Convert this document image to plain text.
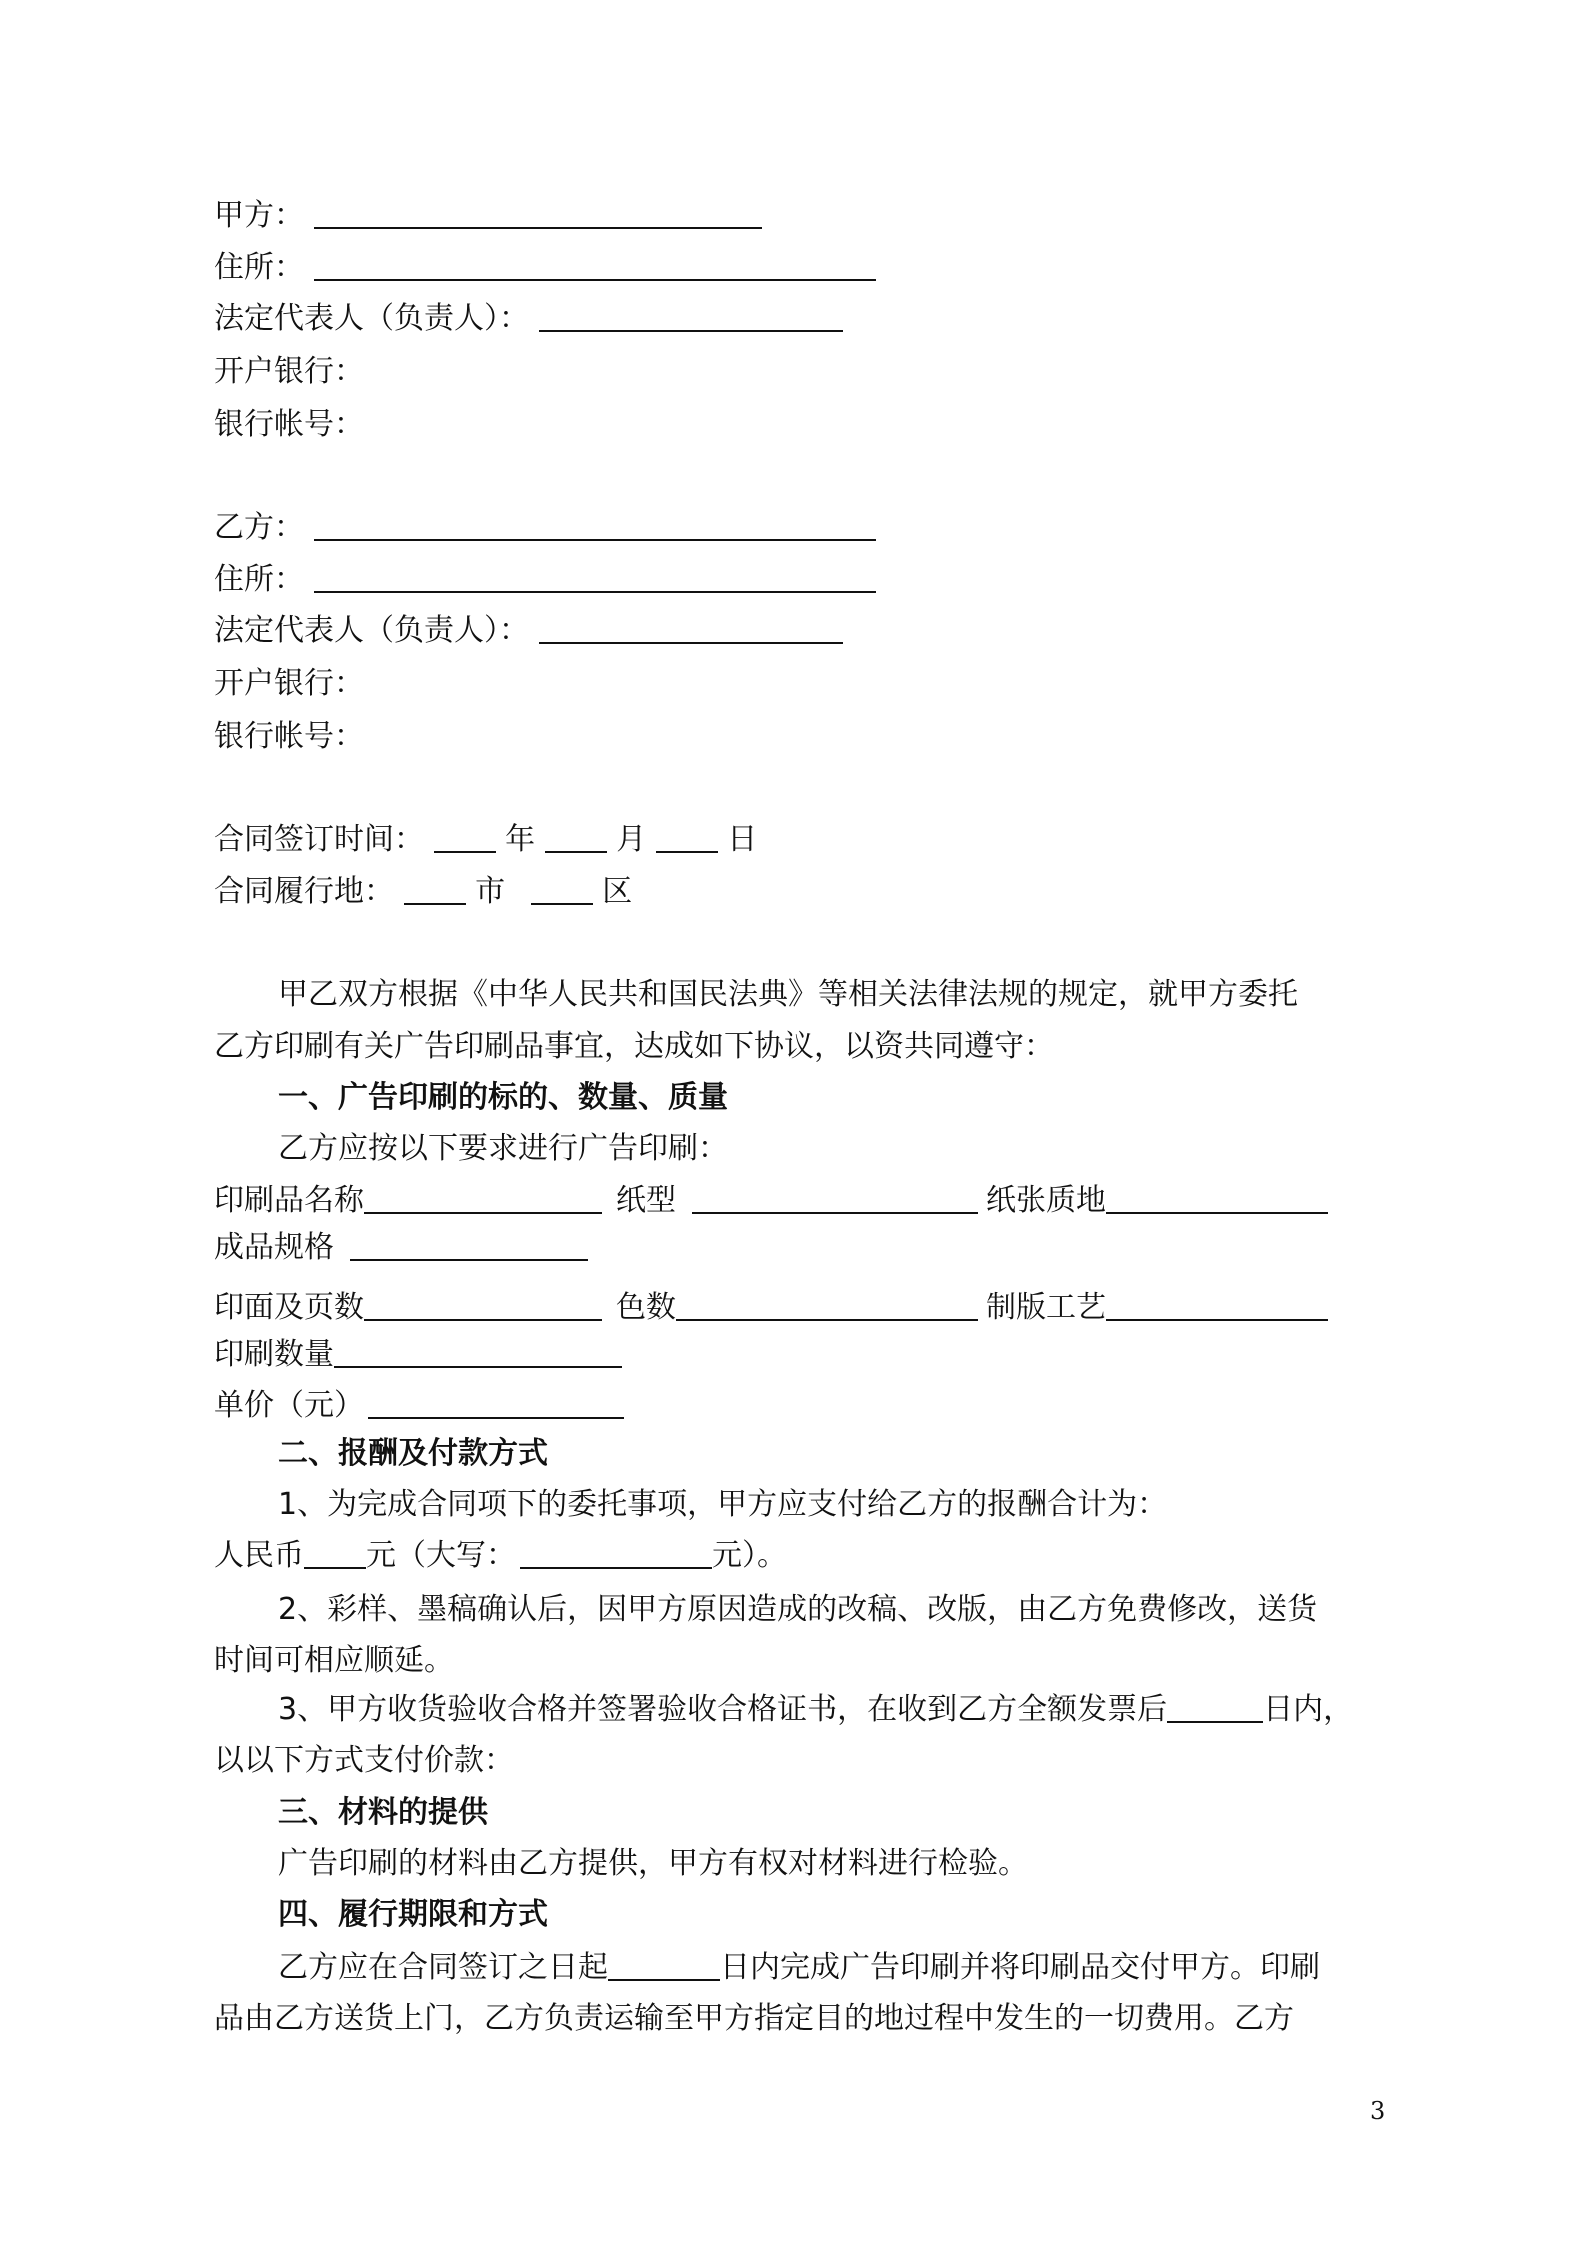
甲方：
住所：
法定代表人（负责人）：
开户银行：
银行帐号：
乙方：
住所：
法定代表人（负责人）：
开户银行：
银行帐号：
合同签订时间：	年	月	日
合同履行地：	市	区
甲乙双方根据《中华人民共和国民法典》等相关法律法规的规定，就甲方委托
乙方印刷有关广告印刷品事宜，达成如下协议，以资共同遵守：
一、广告印刷的标的、数量、质量
乙方应按以下要求进行广告印刷：
印刷品名称	纸型	纸张质地
成品规格
印面及页数	色数	制版工艺
印刷数量
单价（元）
二、报酬及付款方式
1、为完成合同项下的委托事项，甲方应支付给乙方的报酬合计为：
人民币 元（大写：	元）。
2、彩样、墨稿确认后，因甲方原因造成的改稿、改版，由乙方免费修改，送货
时间可相应顺延。
3、甲方收货验收合格并签署验收合格证书，在收到乙方全额发票后	日内，
以以下方式支付价款：
三、材料的提供
广告印刷的材料由乙方提供，甲方有权对材料进行检验。
四、履行期限和方式
乙方应在合同签订之日起	日内完成广告印刷并将印刷品交付甲方。印刷
品由乙方送货上门，乙方负责运输至甲方指定目的地过程中发生的一切费用。乙方
3
